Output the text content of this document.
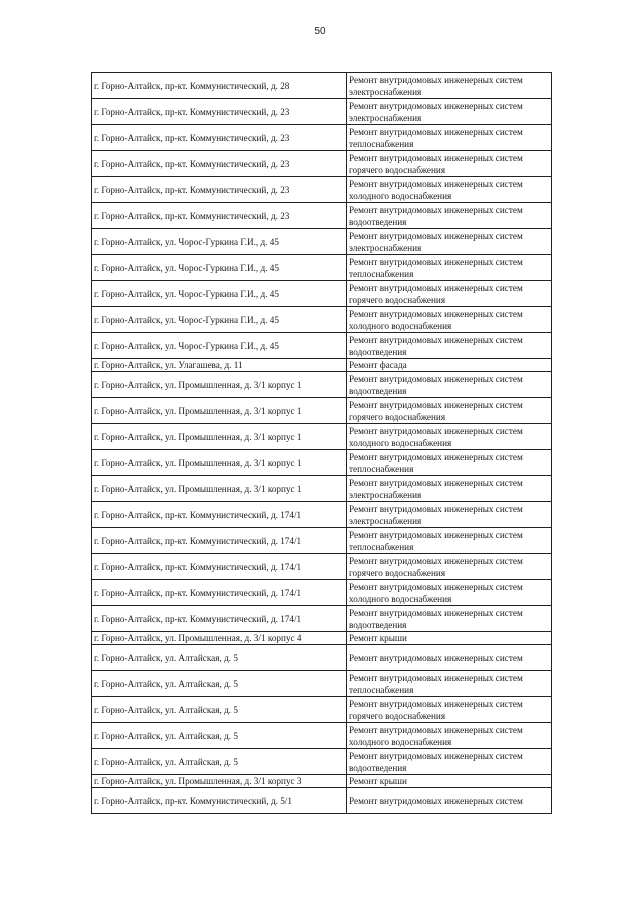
50
г. Горно-Алтайск, пр-кт. Коммунистический, д. 28	Ремонт внутридомовых инженерных систем электроснабжения
г. Горно-Алтайск, пр-кт. Коммунистический, д. 23	Ремонт внутридомовых инженерных систем электроснабжения
г. Горно-Алтайск, пр-кт. Коммунистический, д. 23	Ремонт внутридомовых инженерных систем теплоснабжения
г. Горно-Алтайск, пр-кт. Коммунистический, д. 23	Ремонт внутридомовых инженерных систем горячего водоснабжения
г. Горно-Алтайск, пр-кт. Коммунистический, д. 23	Ремонт внутридомовых инженерных систем холодного водоснабжения
г. Горно-Алтайск, пр-кт. Коммунистический, д. 23	Ремонт внутридомовых инженерных систем водоотведения
г. Горно-Алтайск, ул. Чорос-Гуркина Г.И., д. 45	Ремонт внутридомовых инженерных систем электроснабжения
г. Горно-Алтайск, ул. Чорос-Гуркина Г.И., д. 45	Ремонт внутридомовых инженерных систем теплоснабжения
г. Горно-Алтайск, ул. Чорос-Гуркина Г.И., д. 45	Ремонт внутридомовых инженерных систем горячего водоснабжения
г. Горно-Алтайск, ул. Чорос-Гуркина Г.И., д. 45	Ремонт внутридомовых инженерных систем холодного водоснабжения
г. Горно-Алтайск, ул. Чорос-Гуркина Г.И., д. 45	Ремонт внутридомовых инженерных систем водоотведения
г. Горно-Алтайск, ул. Улагашева, д. 11	Ремонт фасада
г. Горно-Алтайск, ул. Промышленная, д. 3/1 корпус 1	Ремонт внутридомовых инженерных систем водоотведения
г. Горно-Алтайск, ул. Промышленная, д. 3/1 корпус 1	Ремонт внутридомовых инженерных систем горячего водоснабжения
г. Горно-Алтайск, ул. Промышленная, д. 3/1 корпус 1	Ремонт внутридомовых инженерных систем холодного водоснабжения
г. Горно-Алтайск, ул. Промышленная, д. 3/1 корпус 1	Ремонт внутридомовых инженерных систем теплоснабжения
г. Горно-Алтайск, ул. Промышленная, д. 3/1 корпус 1	Ремонт внутридомовых инженерных систем электроснабжения
г. Горно-Алтайск, пр-кт. Коммунистический, д. 174/1	Ремонт внутридомовых инженерных систем электроснабжения
г. Горно-Алтайск, пр-кт. Коммунистический, д. 174/1	Ремонт внутридомовых инженерных систем теплоснабжения
г. Горно-Алтайск, пр-кт. Коммунистический, д. 174/1	Ремонт внутридомовых инженерных систем горячего водоснабжения
г. Горно-Алтайск, пр-кт. Коммунистический, д. 174/1	Ремонт внутридомовых инженерных систем холодного водоснабжения
г. Горно-Алтайск, пр-кт. Коммунистический, д. 174/1	Ремонт внутридомовых инженерных систем водоотведения
г. Горно-Алтайск, ул. Промышленная, д. 3/1 корпус 4	Ремонт крыши
г. Горно-Алтайск, ул. Алтайская, д. 5	Ремонт внутридомовых инженерных систем
г. Горно-Алтайск, ул. Алтайская, д. 5	Ремонт внутридомовых инженерных систем теплоснабжения
г. Горно-Алтайск, ул. Алтайская, д. 5	Ремонт внутридомовых инженерных систем горячего водоснабжения
г. Горно-Алтайск, ул. Алтайская, д. 5	Ремонт внутридомовых инженерных систем холодного водоснабжения
г. Горно-Алтайск, ул. Алтайская, д. 5	Ремонт внутридомовых инженерных систем водоотведения
г. Горно-Алтайск, ул. Промышленная, д. 3/1 корпус 3	Ремонт крыши
г. Горно-Алтайск, пр-кт. Коммунистический, д. 5/1	Ремонт внутридомовых инженерных систем
